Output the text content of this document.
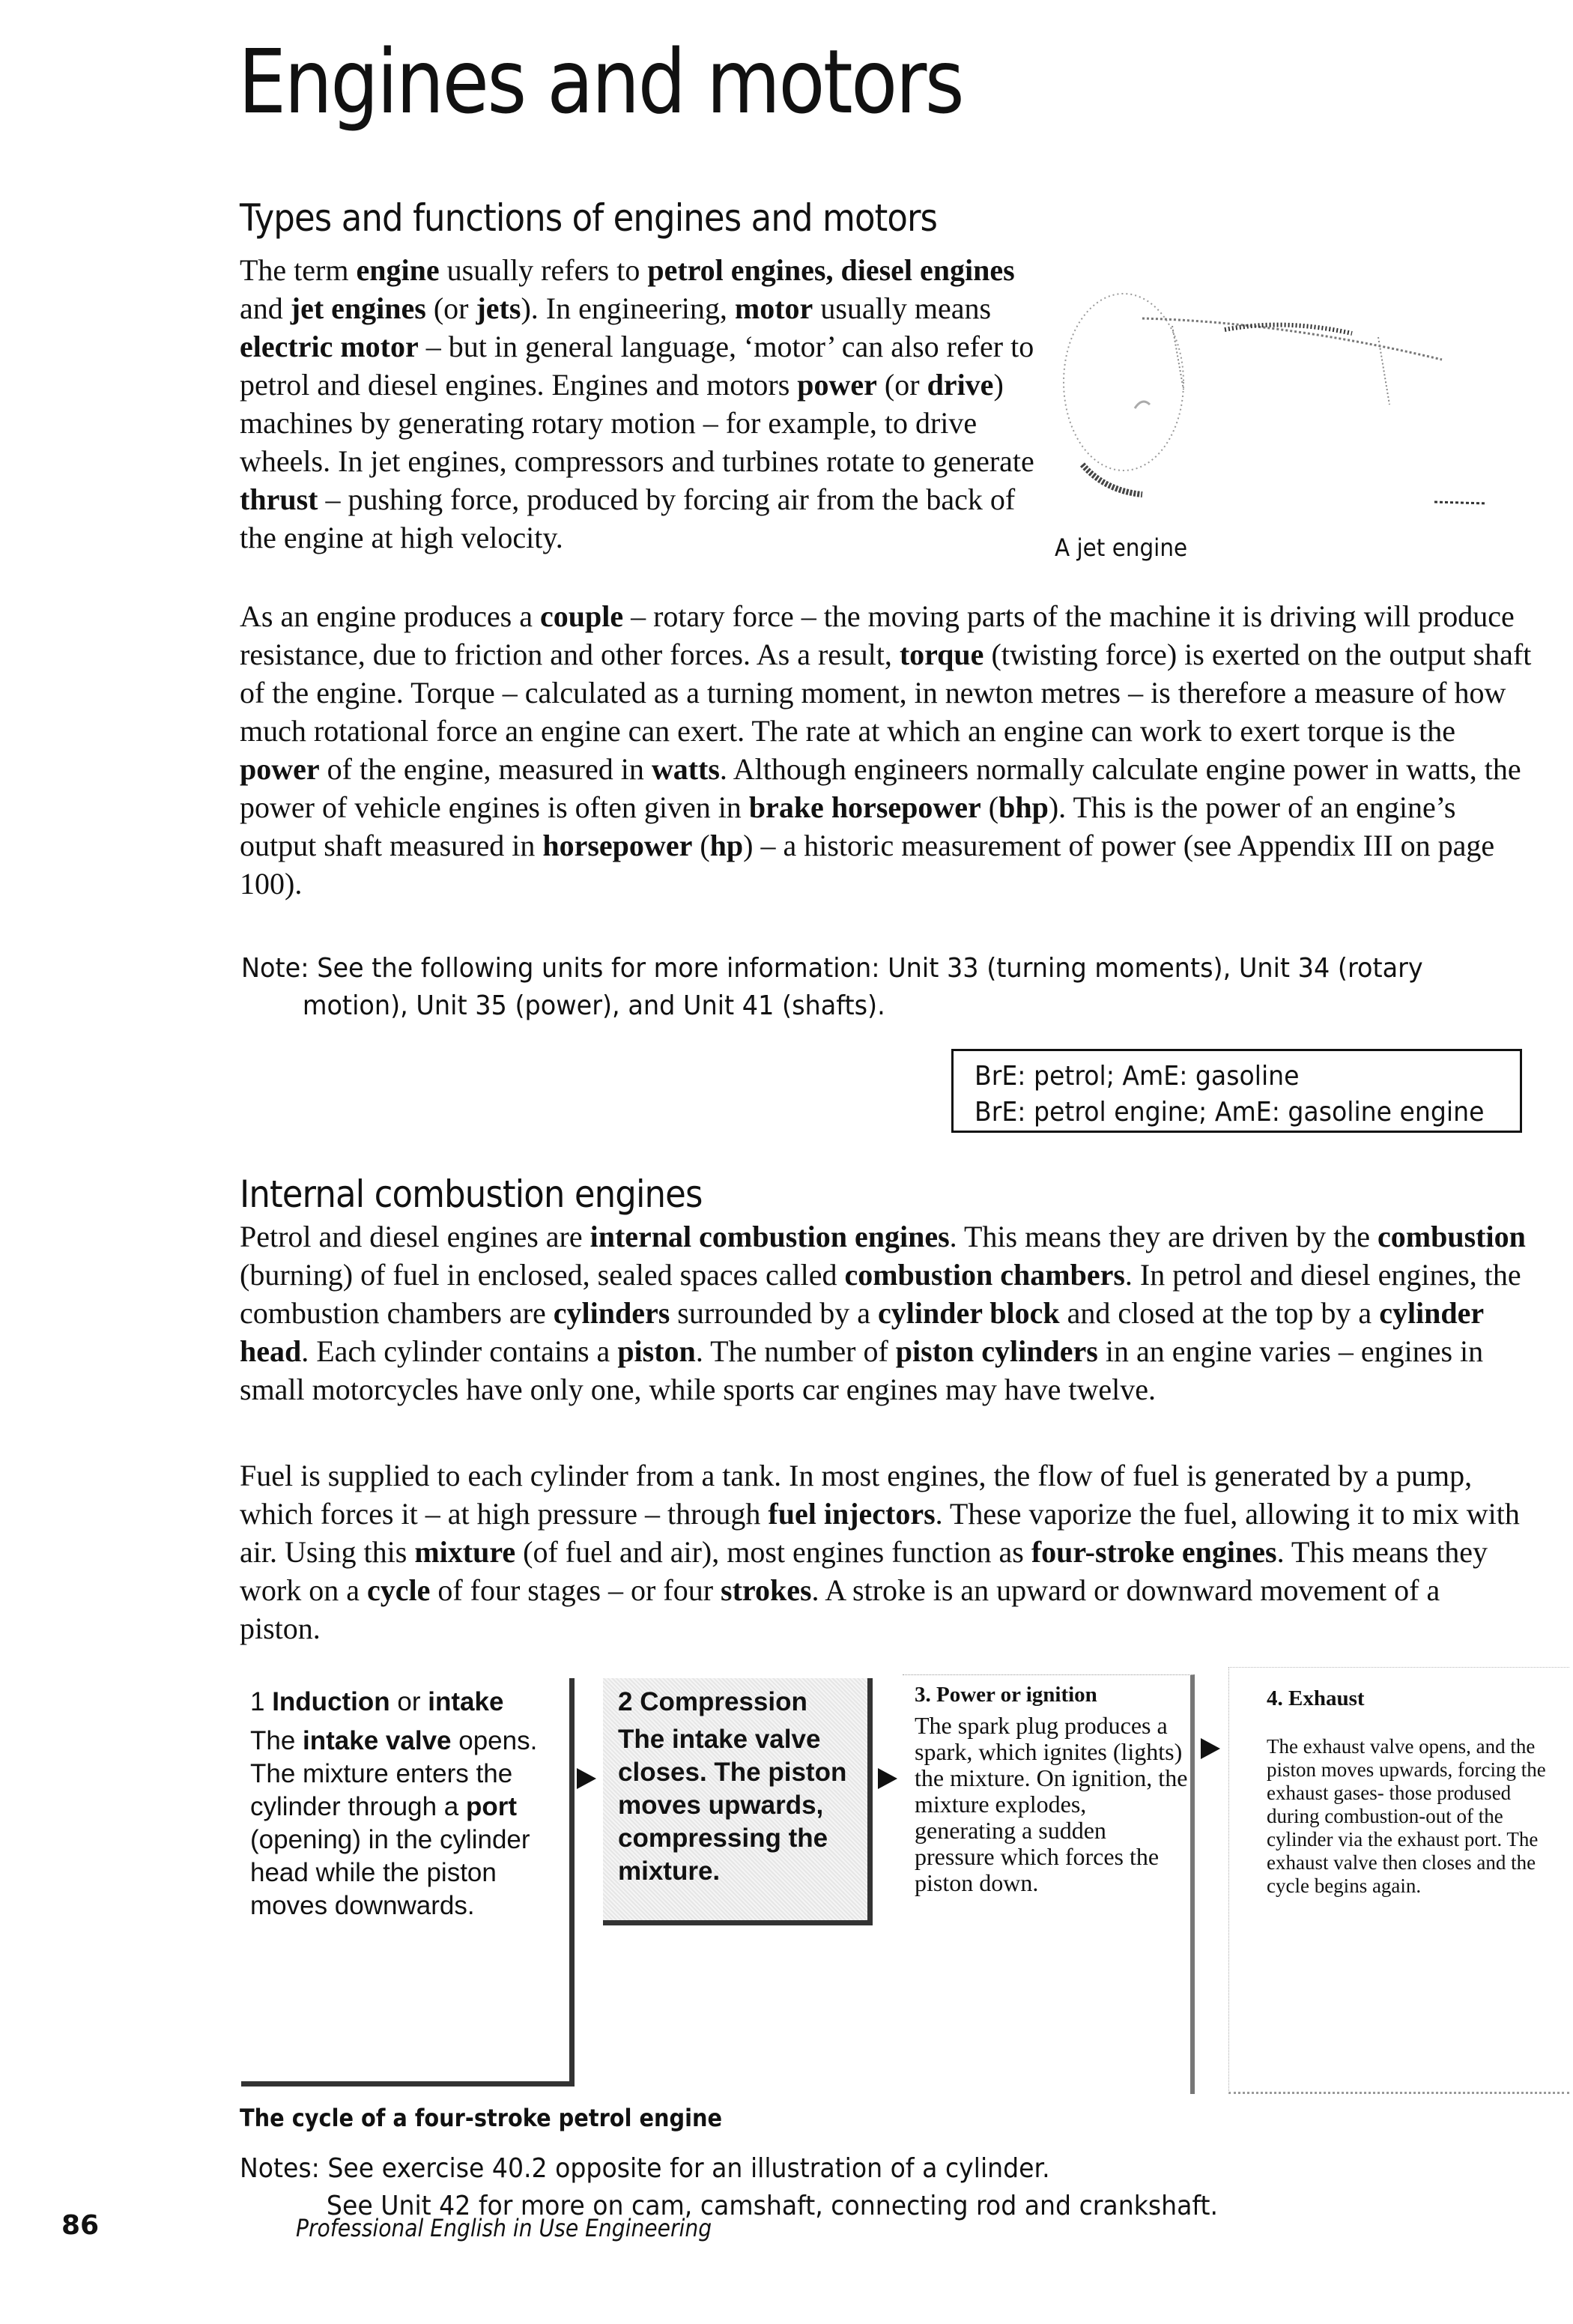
Engines and motors
Types and functions of engines and motors
The term engine usually refers to petrol engines, diesel engines and jet engines (or jets). In engineering, motor usually means electric motor – but in general language, ‘motor’ can also refer to petrol and diesel engines. Engines and motors power (or drive) machines by generating rotary motion – for example, to drive wheels. In jet engines, compressors and turbines rotate to generate thrust – pushing force, produced by forcing air from the back of the engine at high velocity.	A jet engine
As an engine produces a couple – rotary force – the moving parts of the machine it is driving will produce resistance, due to friction and other forces. As a result, torque (twisting force) is exerted on the output shaft of the engine. Torque – calculated as a turning moment, in newton metres – is therefore a measure of how much rotational force an engine can exert. The rate at which an engine can work to exert torque is the power of the engine, measured in watts. Although engineers normally calculate engine power in watts, the power of vehicle engines is often given in brake horsepower (bhp). This is the power of an engine’s output shaft measured in horsepower (hp) – a historic measurement of power (see Appendix III on page 100).
Note: See the following units for more information: Unit 33 (turning moments), Unit 34 (rotary
motion), Unit 35 (power), and Unit 41 (shafts).
BrE: petrol; AmE: gasoline
BrE: petrol engine; AmE: gasoline engine
Internal combustion engines
Petrol and diesel engines are internal combustion engines. This means they are driven by the combustion (burning) of fuel in enclosed, sealed spaces called combustion chambers. In petrol and diesel engines, the combustion chambers are cylinders surrounded by a cylinder block and closed at the top by a cylinder head. Each cylinder contains a piston. The number of piston cylinders in an engine varies – engines in small motorcycles have only one, while sports car engines may have twelve.
Fuel is supplied to each cylinder from a tank. In most engines, the flow of fuel is generated by a pump, which forces it – at high pressure – through fuel injectors. These vaporize the fuel, allowing it to mix with air. Using this mixture (of fuel and air), most engines function as four-stroke engines. This means they work on a cycle of four stages – or four strokes. A stroke is an upward or downward movement of a piston.
1 Induction or intake
The intake valve opens. The mixture enters the cylinder through a port (opening) in the cylinder head while the piston moves downwards.
2 Compression
The intake valve closes. The piston moves upwards, compressing the mixture.
3. Power or ignition
The spark plug produces a spark, which ignites (lights) the mixture. On ignition, the mixture explodes, generating a sudden pressure which forces the piston down.
4. Exhaust
The exhaust valve opens, and the piston moves upwards, forcing the exhaust gases- those prodused during combustion-out of the cylinder via the exhaust port. The exhaust valve then closes and the cycle begins again.
The cycle of a four-stroke petrol engine
Notes: See exercise 40.2 opposite for an illustration of a cylinder.
See Unit 42 for more on cam, camshaft, connecting rod and crankshaft.
86	Professional English in Use Engineering
